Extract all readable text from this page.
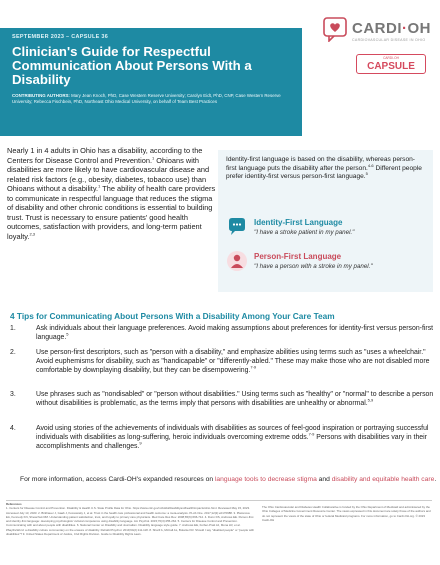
SEPTEMBER 2023 – CAPSULE 36
Clinician's Guide for Respectful Communication About Persons With a Disability
CONTRIBUTING AUTHORS: Mary Jean Knoch, PhD, Case Western Reserve University; Carolyn Eidt, PhD, CNP, Case Western Reserve University; Rebecca Fischbein, PhD, Northeast Ohio Medical University, on behalf of Team Best Practices
CARDI·OH
CARDIOVASCULAR DISEASE IN OHIO
CARDI-OH
CAPSULE
Nearly 1 in 4 adults in Ohio has a disability, according to the Centers for Disease Control and Prevention.$^1$ Ohioans with disabilities are more likely to have cardiovascular disease and related risk factors (e.g., obesity, diabetes, tobacco use) than Ohioans without a disability.$^1$ The ability of health care providers to communicate in respectful language that reduces the stigma of disability and other chronic conditions is essential to building trust. Trust is necessary to ensure patients' good health outcomes, satisfaction with providers, and long-term patient loyalty.$^{2,3}$
Identity-first language is based on the disability, whereas person-first language puts the disability after the person.$^{4-6}$ Different people prefer identity-first versus person-first language.$^5$
Identity-First Language
"I have a stroke patient in my panel."
Person-First Language
"I have a person with a stroke in my panel."
4 Tips for Communicating About Persons With a Disability Among Your Care Team
1.	Ask individuals about their language preferences. Avoid making assumptions about preferences for identity-first versus person-first language.$^5$
2.	Use person-first descriptors, such as "person with a disability," and emphasize abilities using terms such as "uses a wheelchair." Avoid euphemisms for disability, such as "handicapable" or "differently-abled." These may make those who are not disabled more comfortable by downplaying disability, but they can be disempowering.$^{7-9}$
3.	Use phrases such as "nondisabled" or "person without disabilities." Using terms such as "healthy" or "normal" to describe a person without disabilities is problematic, as the terms imply that persons with disabilities are unhealthy or abnormal.$^{5,9}$
4.	Avoid using stories of the achievements of individuals with disabilities as sources of feel-good inspiration or portraying successful individuals with disabilities as long-suffering, heroic individuals overcoming extreme odds.$^{7-9}$ Persons with disabilities vary in their accomplishments and challenges.$^9$
For more information, access Cardi-OH's expanded resources on language tools to decrease stigma and disability and equitable health care.
References
1. Centers for Disease Control and Prevention. Disability & Health U.S. State Profile Data for Ohio. https://www.cdc.gov/ncbddd/disabilityandhealth/impacts/ohio.html. Reviewed May 15, 2023. Accessed July 13, 2023. 2. Birkhauer J, Gaab J, Kossowsky J, et al. Trust in the health care professional and health outcome: a meta-analysis. PLoS One. 2017;12(2):e0170988. 3. Platonova EA, Kennedy KN, Shewchuk RM. Understanding patient satisfaction, trust, and loyalty to primary care physicians. Med Care Res Rev. 2008;65(6):696-712. 4. Dunn DS, Andrews EE. Person-first and identity-first language: developing psychologists' cultural competence using disability language. Am Psychol. 2015;70(3):255-264. 5. Centers for Disease Control and Prevention. Communicating with and about people with disabilities. 6. National Center on Disability and Journalism. Disability language style guide. 7. Andrews EE, Forber-Pratt AJ, Mona LR, et al. #SaytheWord: a disability culture commentary on the erasure of disability. Rehabil Psychol. 2019;64(2):111-118. 8. Sharif A, McCall AL, Bolante KR. Should I say "disabled people" or "people with disabilities"? 9. United States Department of Justice, Civil Rights Division. Guide to Disability Rights Laws.
The Ohio Cardiovascular and Diabetes Health Collaborative is funded by the Ohio Department of Medicaid and administered by the Ohio Colleges of Medicine Government Resource Center. The views expressed in this document are solely those of the authors and do not represent the views of the state of Ohio or federal Medicaid programs. For more information, go to Cardi-OH.org. © 2023 Cardi-OH
